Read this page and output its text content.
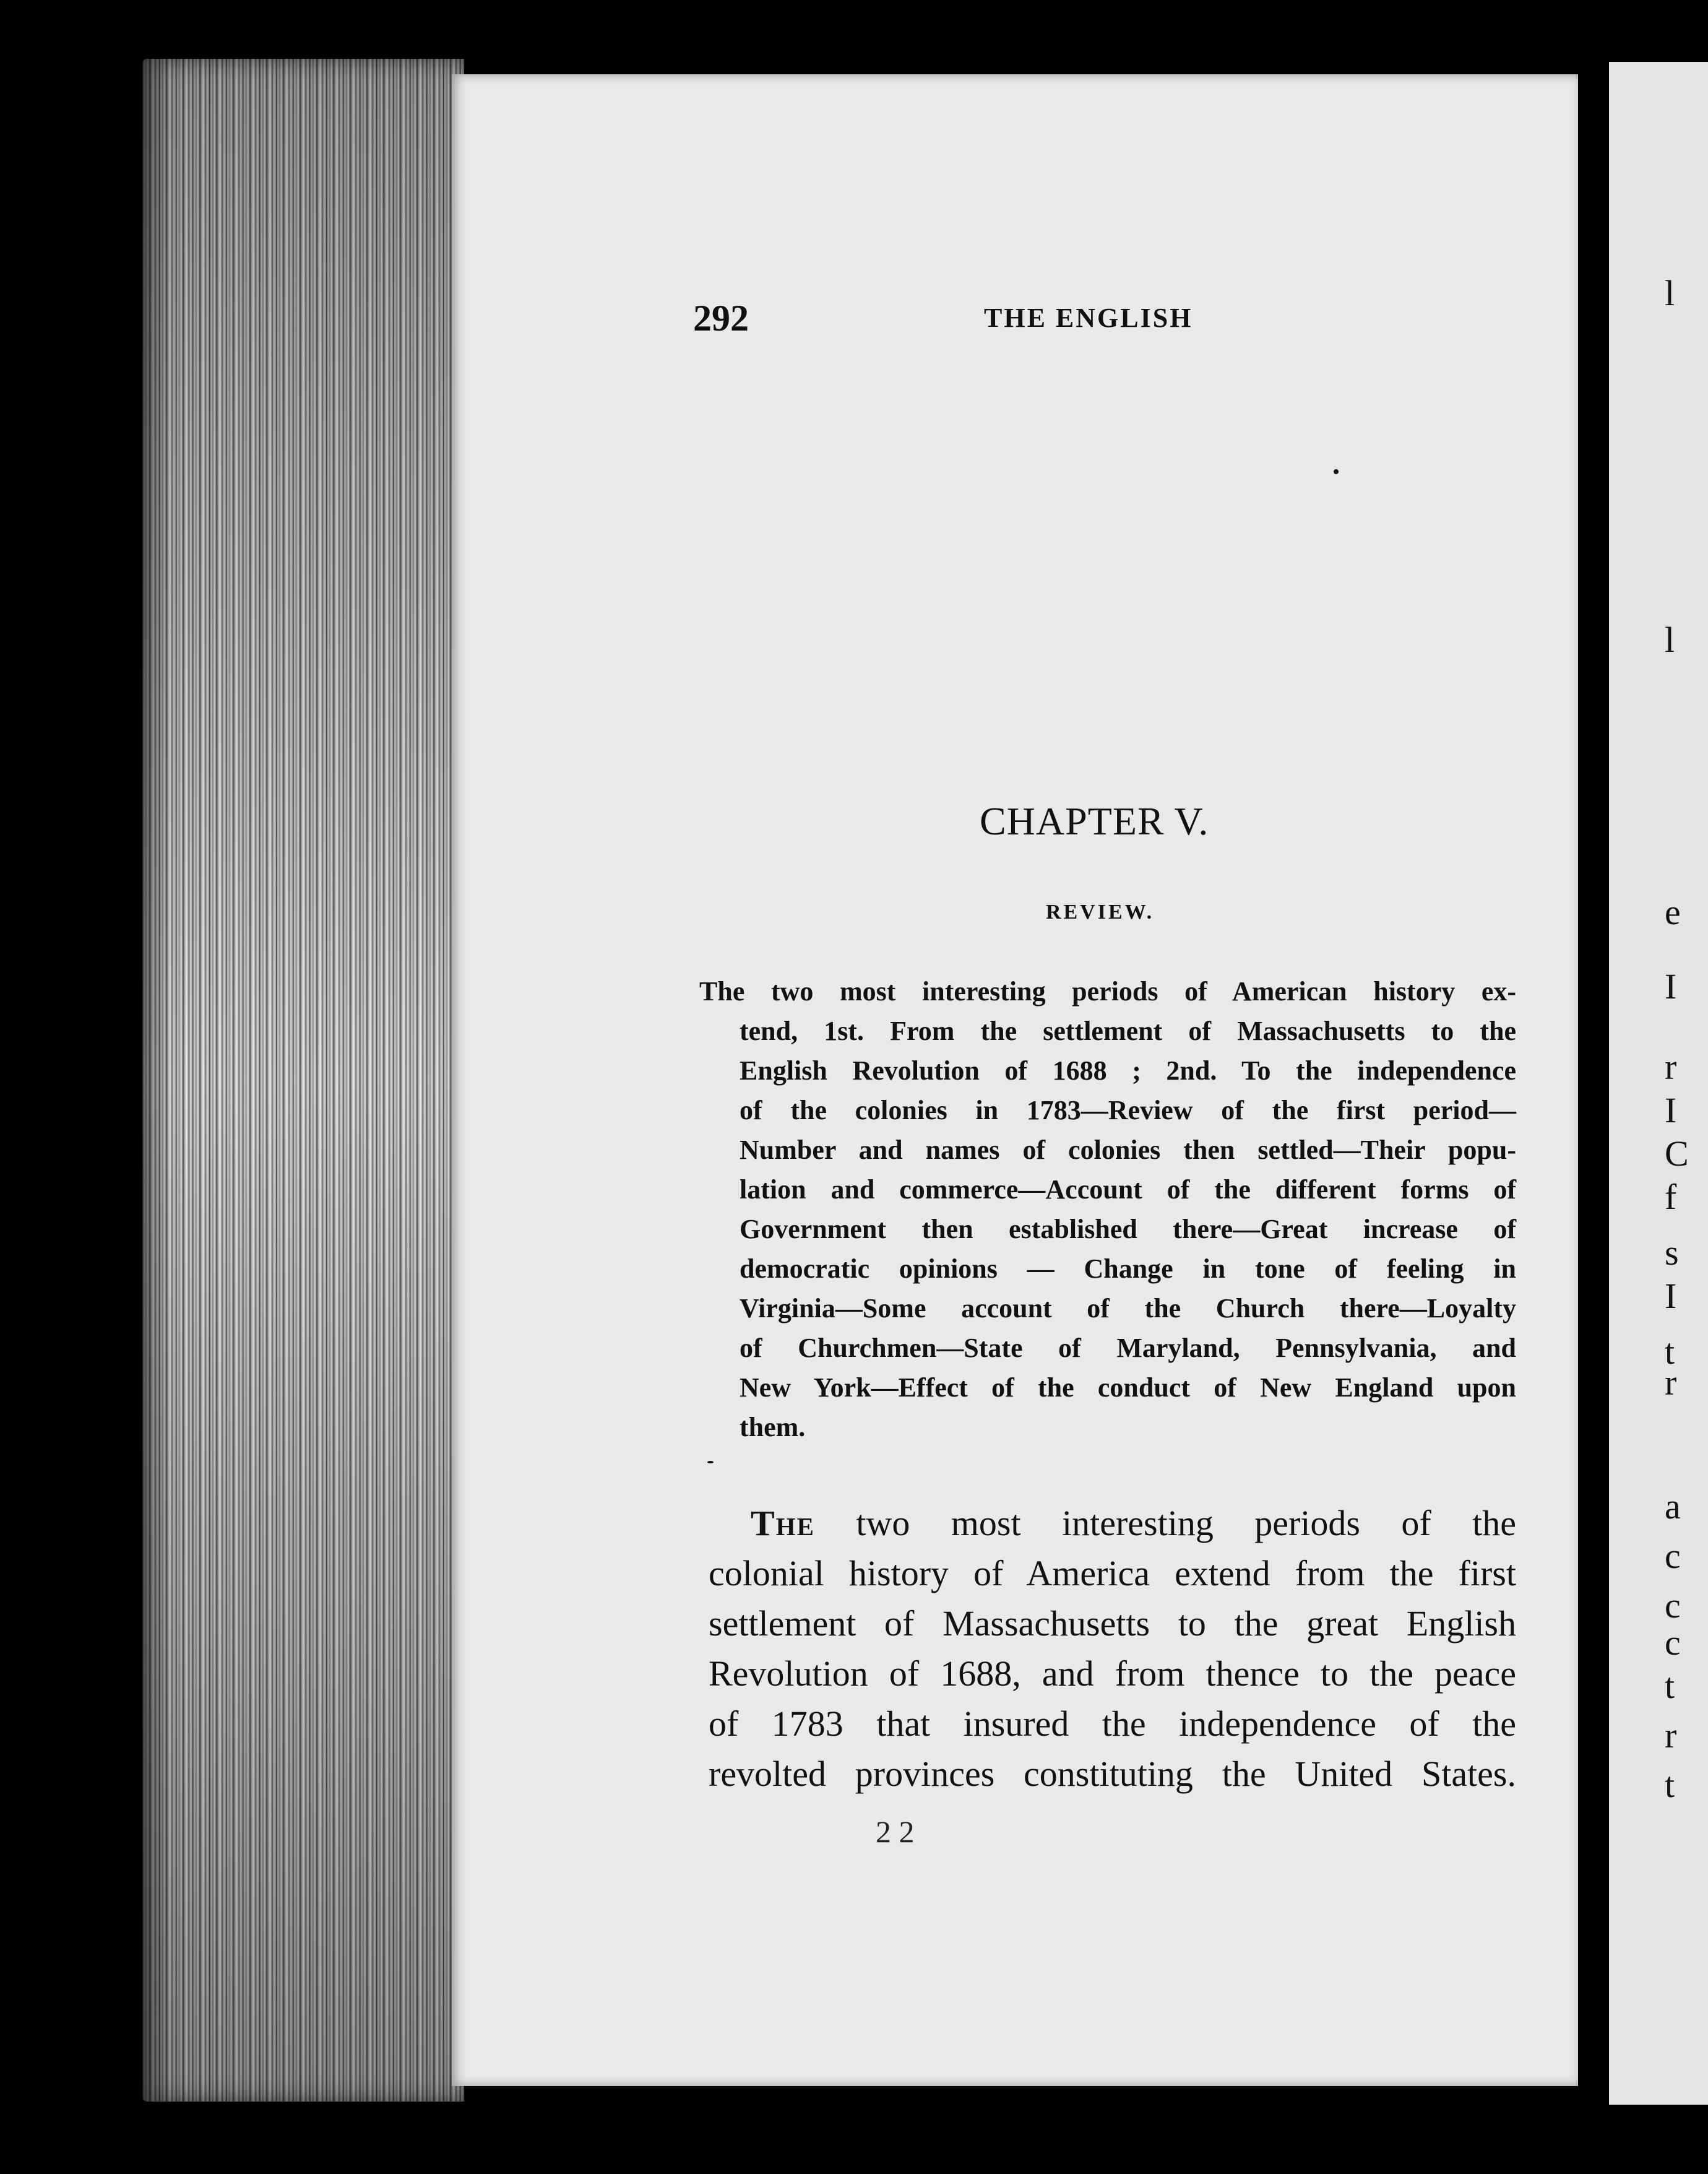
l
l
e
I
r
I
C
f
s
I
t
r
a
c
c
c
t
r
t
292	THE ENGLISH
CHAPTER V.
REVIEW.
The two most interesting periods of American history ex-
tend, 1st. From the settlement of Massachusetts to the
English Revolution of 1688 ; 2nd. To the independence
of the colonies in 1783—Review of the first period—
Number and names of colonies then settled—Their popu-
lation and commerce—Account of the different forms of
Government then established there—Great increase of
democratic opinions — Change in tone of feeling in
Virginia—Some account of the Church there—Loyalty
of Churchmen—State of Maryland, Pennsylvania, and
New York—Effect of the conduct of New England upon
them.
The two most interesting periods of the
colonial history of America extend from the first
settlement of Massachusetts to the great English
Revolution of 1688, and from thence to the peace
of 1783 that insured the independence of the
revolted provinces constituting the United States.
2 2
